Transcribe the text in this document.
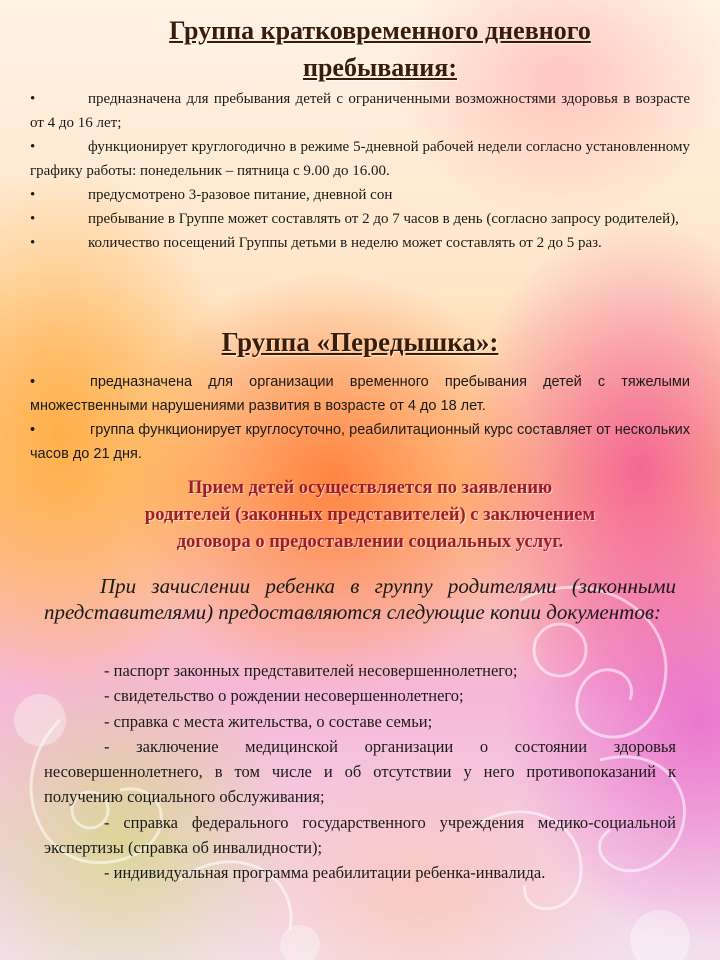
Группа кратковременного дневного
пребывания:
•	предназначена для пребывания детей с ограниченными возможностями здоровья в возрасте от 4 до 16 лет;
•	функционирует круглогодично в режиме 5-дневной рабочей недели согласно установленному графику работы: понедельник – пятница с 9.00 до 16.00.
•	предусмотрено 3-разовое питание, дневной сон
•	пребывание в Группе может составлять от 2 до 7 часов в день (согласно запросу родителей),
•	количество посещений Группы детьми в неделю может составлять от 2 до 5 раз.
Группа «Передышка»:
•	предназначена для организации временного пребывания детей с тяжелыми множественными нарушениями развития в возрасте от 4 до 18 лет.
•	группа функционирует круглосуточно, реабилитационный курс составляет от нескольких часов до 21 дня.
Прием детей осуществляется по заявлению
родителей (законных представителей) с заключением
договора о предоставлении социальных услуг.
При зачислении ребенка в группу родителями (законными представителями) предоставляются следующие копии документов:
- паспорт законных представителей несовершеннолетнего;
- свидетельство о рождении несовершеннолетнего;
- справка с места жительства, о составе семьи;
- заключение медицинской организации о состоянии здоровья несовершеннолетнего, в том числе и об отсутствии у него противопоказаний к получению социального обслуживания;
- справка федерального государственного учреждения медико-социальной экспертизы (справка об инвалидности);
- индивидуальная программа реабилитации ребенка-инвалида.
